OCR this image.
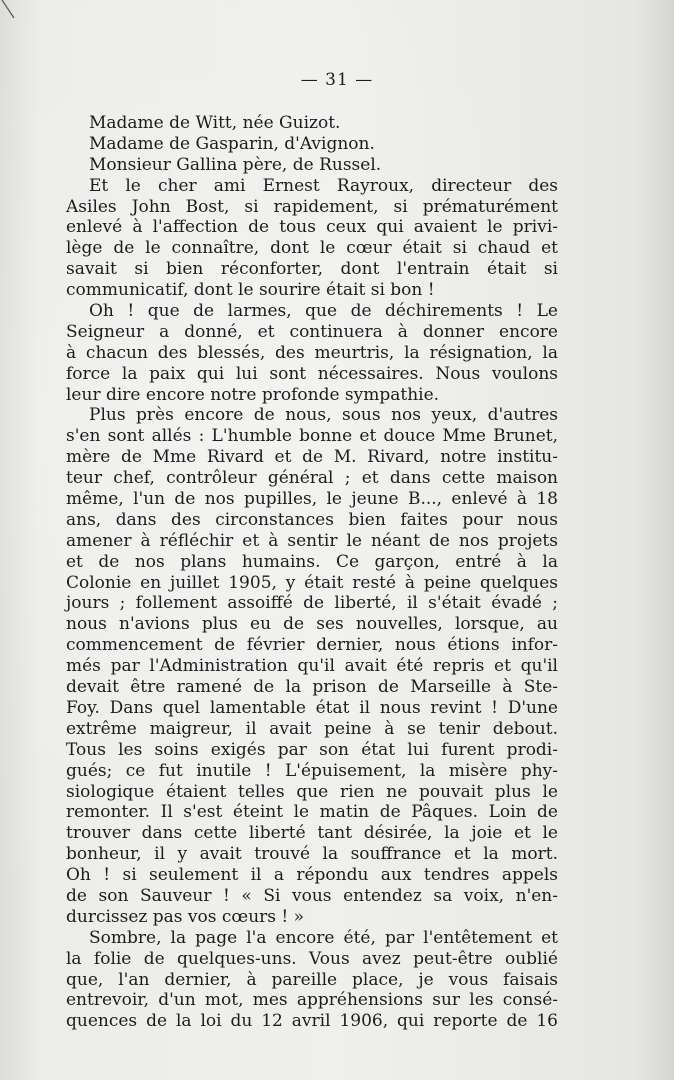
— 31 —
Madame de Witt, née Guizot.
Madame de Gasparin, d'Avignon.
Monsieur Gallina père, de Russel.
Et le cher ami Ernest Rayroux, directeur des
Asiles John Bost, si rapidement, si prématurément
enlevé à l'affection de tous ceux qui avaient le privi-
lège de le connaître, dont le cœur était si chaud et
savait si bien réconforter, dont l'entrain était si
communicatif, dont le sourire était si bon !
Oh ! que de larmes, que de déchirements ! Le
Seigneur a donné, et continuera à donner encore
à chacun des blessés, des meurtris, la résignation, la
force la paix qui lui sont nécessaires. Nous voulons
leur dire encore notre profonde sympathie.
Plus près encore de nous, sous nos yeux, d'autres
s'en sont allés : L'humble bonne et douce Mme Brunet,
mère de Mme Rivard et de M. Rivard, notre institu-
teur chef, contrôleur général ; et dans cette maison
même, l'un de nos pupilles, le jeune B..., enlevé à 18
ans, dans des circonstances bien faites pour nous
amener à réfléchir et à sentir le néant de nos projets
et de nos plans humains. Ce garçon, entré à la
Colonie en juillet 1905, y était resté à peine quelques
jours ; follement assoiffé de liberté, il s'était évadé ;
nous n'avions plus eu de ses nouvelles, lorsque, au
commencement de février dernier, nous étions infor-
més par l'Administration qu'il avait été repris et qu'il
devait être ramené de la prison de Marseille à Ste-
Foy. Dans quel lamentable état il nous revint ! D'une
extrême maigreur, il avait peine à se tenir debout.
Tous les soins exigés par son état lui furent prodi-
gués; ce fut inutile ! L'épuisement, la misère phy-
siologique étaient telles que rien ne pouvait plus le
remonter. Il s'est éteint le matin de Pâques. Loin de
trouver dans cette liberté tant désirée, la joie et le
bonheur, il y avait trouvé la souffrance et la mort.
Oh ! si seulement il a répondu aux tendres appels
de son Sauveur ! « Si vous entendez sa voix, n'en-
durcissez pas vos cœurs ! »
Sombre, la page l'a encore été, par l'entêtement et
la folie de quelques-uns. Vous avez peut-être oublié
que, l'an dernier, à pareille place, je vous faisais
entrevoir, d'un mot, mes appréhensions sur les consé-
quences de la loi du 12 avril 1906, qui reporte de 16
